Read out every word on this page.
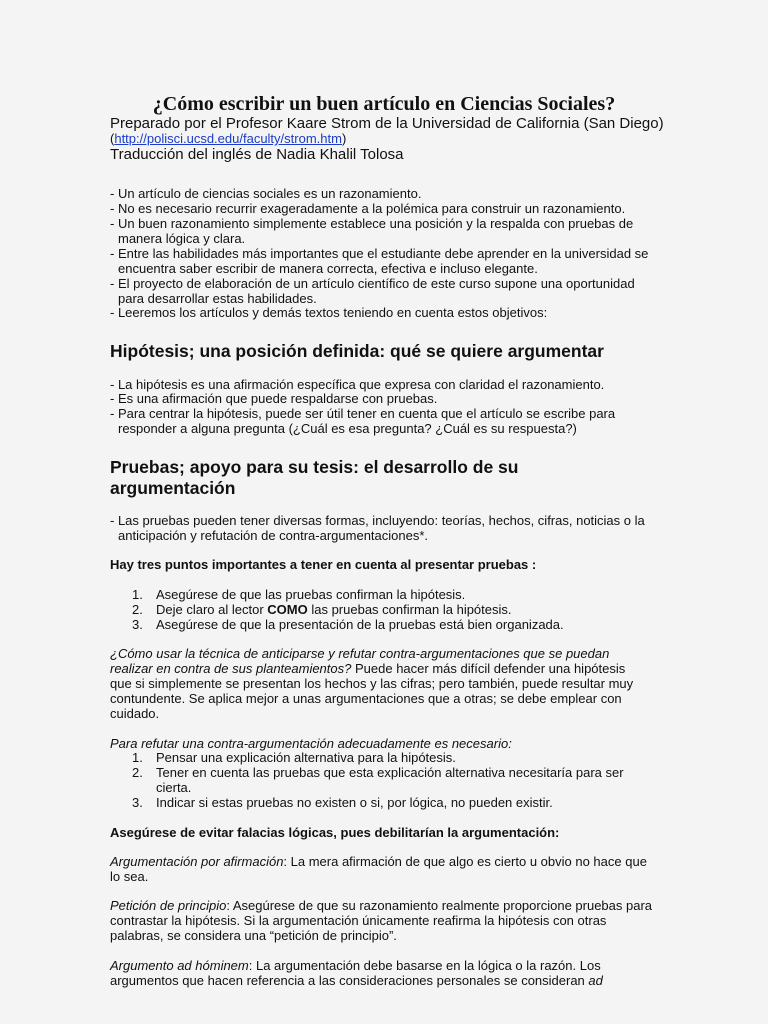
¿Cómo escribir un buen artículo en Ciencias Sociales?
Preparado por el Profesor Kaare Strom de la Universidad de California (San Diego)
(http://polisci.ucsd.edu/faculty/strom.htm)
Traducción del inglés de Nadia Khalil Tolosa
- Un artículo de ciencias sociales es un razonamiento.
- No es necesario recurrir exageradamente a la polémica para construir un razonamiento.
- Un buen razonamiento simplemente establece una posición y la respalda con pruebas de manera lógica y clara.
- Entre las habilidades más importantes que el estudiante debe aprender en la universidad se encuentra saber escribir de manera correcta, efectiva e incluso elegante.
- El proyecto de elaboración de un artículo científico de este curso supone una oportunidad para desarrollar estas habilidades.
- Leeremos los artículos y demás textos teniendo en cuenta estos objetivos:
Hipótesis; una posición definida: qué se quiere argumentar
- La hipótesis es una afirmación específica que expresa con claridad el razonamiento.
- Es una afirmación que puede respaldarse con pruebas.
- Para centrar la hipótesis, puede ser útil tener en cuenta que el artículo se escribe para responder a alguna pregunta (¿Cuál es esa pregunta? ¿Cuál es su respuesta?)
Pruebas; apoyo para su tesis: el desarrollo de su argumentación
- Las pruebas pueden tener diversas formas, incluyendo: teorías, hechos, cifras, noticias o la anticipación y refutación de contra-argumentaciones*.
Hay tres puntos importantes a tener en cuenta al presentar pruebas :
1. Asegúrese de que las pruebas confirman la hipótesis.
2. Deje claro al lector COMO las pruebas confirman la hipótesis.
3. Asegúrese de que la presentación de la pruebas está bien organizada.
¿Cómo usar la técnica de anticiparse y refutar contra-argumentaciones que se puedan realizar en contra de sus planteamientos? Puede hacer más difícil defender una hipótesis que si simplemente se presentan los hechos y las cifras; pero también, puede resultar muy contundente. Se aplica mejor a unas argumentaciones que a otras; se debe emplear con cuidado.
Para refutar una contra-argumentación adecuadamente es necesario:
1. Pensar una explicación alternativa para la hipótesis.
2. Tener en cuenta las pruebas que esta explicación alternativa necesitaría para ser cierta.
3. Indicar si estas pruebas no existen o si, por lógica, no pueden existir.
Asegúrese de evitar falacias lógicas, pues debilitarían la argumentación:
Argumentación por afirmación: La mera afirmación de que algo es cierto u obvio no hace que lo sea.
Petición de principio: Asegúrese de que su razonamiento realmente proporcione pruebas para contrastar la hipótesis. Si la argumentación únicamente reafirma la hipótesis con otras palabras, se considera una “petición de principio”.
Argumento ad hóminem: La argumentación debe basarse en la lógica o la razón. Los argumentos que hacen referencia a las consideraciones personales se consideran ad
